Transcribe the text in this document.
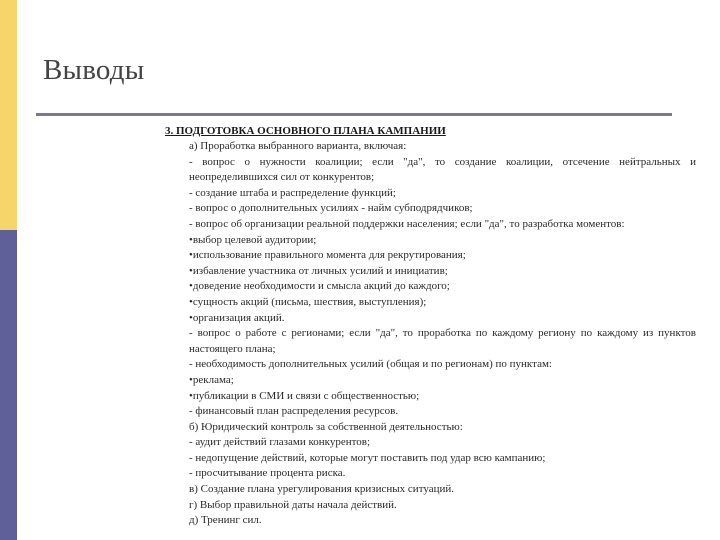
Выводы

3. ПОДГОТОВКА ОСНОВНОГО ПЛАНА КАМПАНИИ

а) Проработка выбранного варианта, включая:

- вопрос о нужности коалиции; если "да", то создание коалиции, отсечение нейтральных и неопределившихся сил от конкурентов;

- создание штаба и распределение функций;

- вопрос о дополнительных усилиях - найм субподрядчиков;

- вопрос об организации реальной поддержки населения; если "да", то разработка моментов:

•выбор целевой аудитории;

•использование правильного момента для рекрутирования;

•избавление участника от личных усилий и инициатив;

•доведение необходимости и смысла акций до каждого;

•сущность акций (письма, шествия, выступления);

•организация акций.

- вопрос о работе с регионами; если "да", то проработка по каждому региону по каждому из пунктов настоящего плана;

- необходимость дополнительных усилий (общая и по регионам) по пунктам:

•реклама;

•публикации в СМИ и связи с общественностью;

- финансовый план распределения ресурсов.

б) Юридический контроль за собственной деятельностью:

- аудит действий глазами конкурентов;

- недопущение действий, которые могут поставить под удар всю кампанию;

- просчитывание процента риска.

в) Создание плана урегулирования кризисных ситуаций.

г) Выбор правильной даты начала действий.

д) Тренинг сил.
